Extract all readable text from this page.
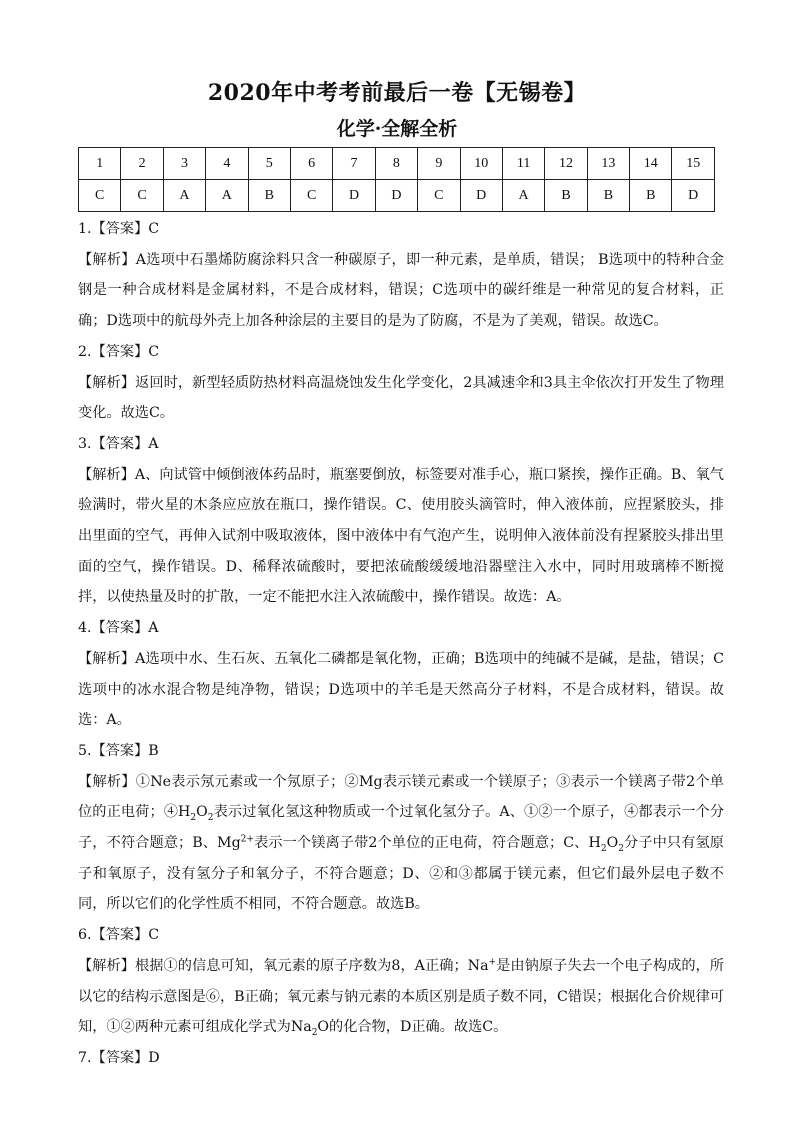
2020年中考考前最后一卷【无锡卷】
化学·全解全析
1	2	3	4	5	6	7	8	9	10	11	12	13	14	15
C	C	A	A	B	C	D	D	C	D	A	B	B	B	D

1.【答案】C

【解析】A选项中石墨烯防腐涂料只含一种碳原子，即一种元素，是单质，错误； B选项中的特种合金钢是一种合成材料是金属材料，不是合成材料，错误；C选项中的碳纤维是一种常见的复合材料，正确；D选项中的航母外壳上加各种涂层的主要目的是为了防腐，不是为了美观，错误。故选C。

2.【答案】C

【解析】返回时，新型轻质防热材料高温烧蚀发生化学变化，2具减速伞和3具主伞依次打开发生了物理变化。故选C。

3.【答案】A

【解析】A、向试管中倾倒液体药品时，瓶塞要倒放，标签要对准手心，瓶口紧挨，操作正确。B、氧气验满时，带火星的木条应应放在瓶口，操作错误。C、使用胶头滴管时，伸入液体前，应捏紧胶头，排出里面的空气，再伸入试剂中吸取液体，图中液体中有气泡产生，说明伸入液体前没有捏紧胶头排出里面的空气，操作错误。D、稀释浓硫酸时，要把浓硫酸缓缓地沿器壁注入水中，同时用玻璃棒不断搅拌，以使热量及时的扩散，一定不能把水注入浓硫酸中，操作错误。故选：A。

4.【答案】A

【解析】A选项中水、生石灰、五氧化二磷都是氧化物，正确；B选项中的纯碱不是碱，是盐，错误；C选项中的冰水混合物是纯净物，错误；D选项中的羊毛是天然高分子材料，不是合成材料，错误。故选：A。

5.【答案】B

【解析】①Ne表示氖元素或一个氖原子；②Mg表示镁元素或一个镁原子；③表示一个镁离子带2个单位的正电荷；$④H_2O_2$表示过氧化氢这种物质或一个过氧化氢分子。A、①②一个原子，④都表示一个分子，不符合题意；B、$Mg^{2+}$表示一个镁离子带2个单位的正电荷，符合题意；C、$H_2O_2$分子中只有氢原子和氧原子，没有氢分子和氧分子，不符合题意；D、②和③都属于镁元素，但它们最外层电子数不同，所以它们的化学性质不相同，不符合题意。故选B。

6.【答案】C

【解析】根据①的信息可知，氧元素的原子序数为8，A正确；Na+是由钠原子失去一个电子构成的，所以它的结构示意图是⑥，B正确；氧元素与钠元素的本质区别是质子数不同，C错误；根据化合价规律可知，①②两种元素可组成化学式为$Na_2O$的化合物，D正确。故选C。

7.【答案】D
